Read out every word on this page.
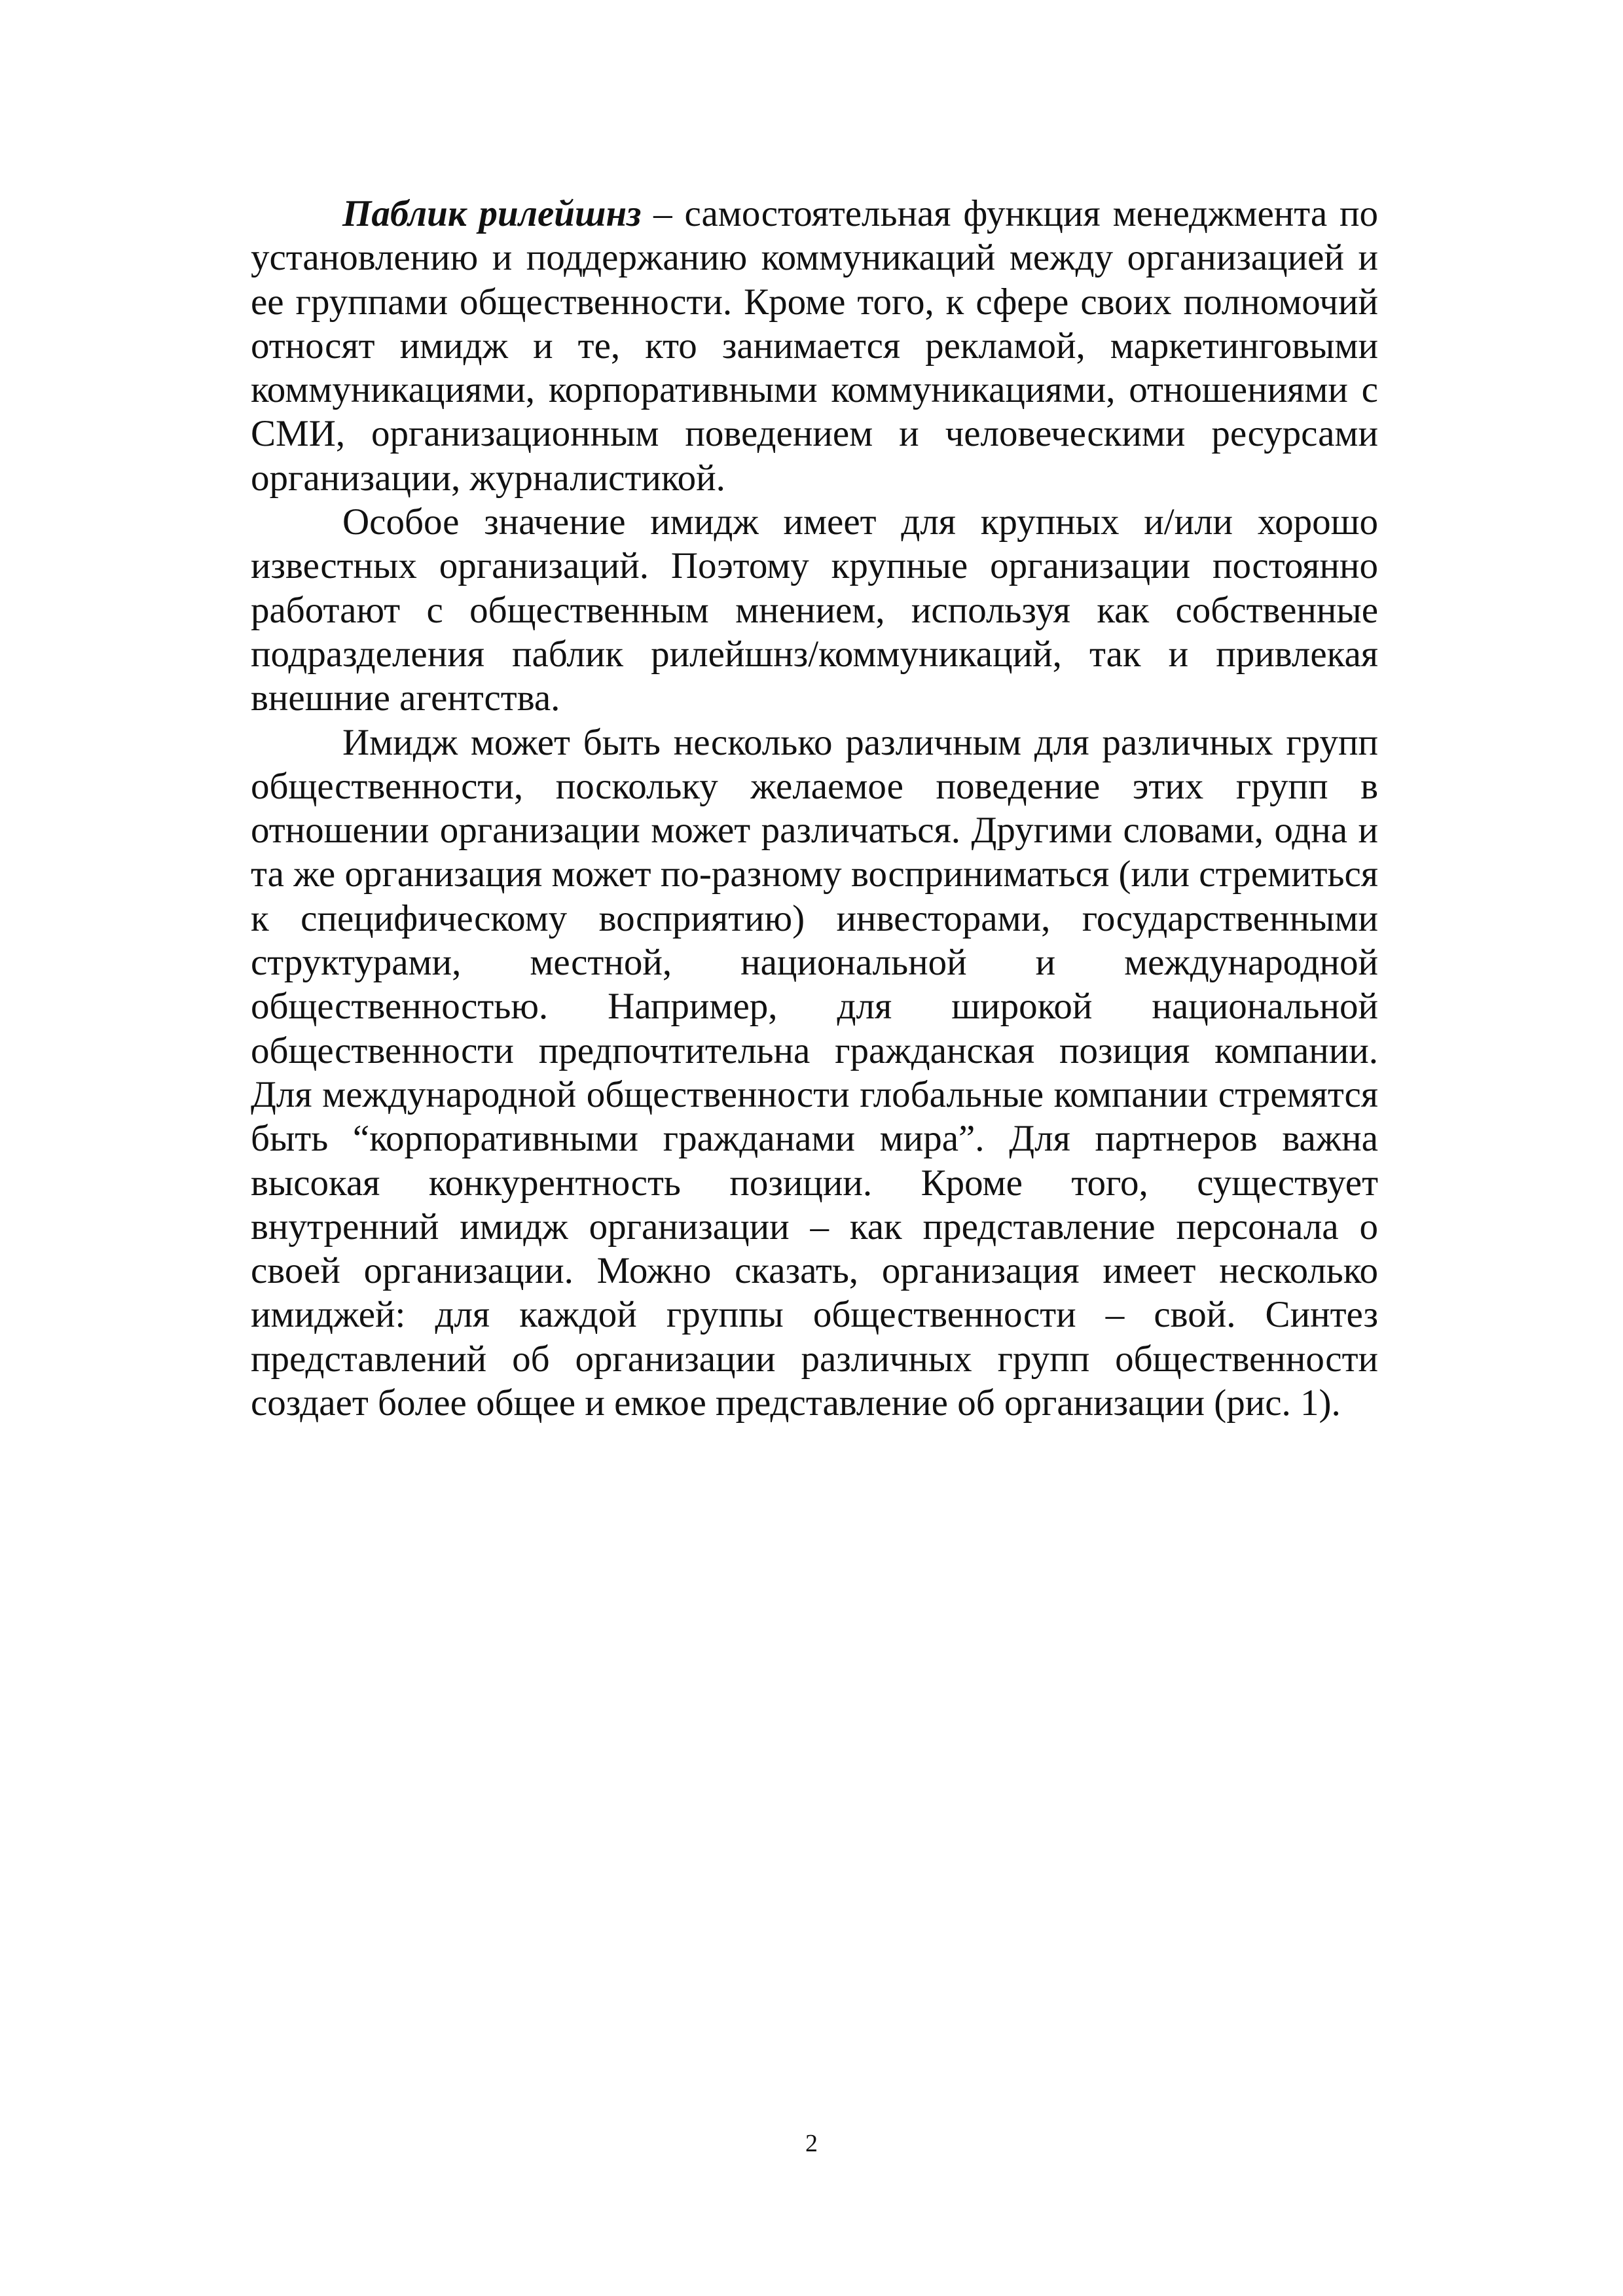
Паблик рилейшнз – самостоятельная функция менеджмента по установлению и поддержанию коммуникаций между организацией и ее группами общественности. Кроме того, к сфере своих полномочий относят имидж и те, кто занимается рекламой, маркетинговыми коммуникациями, корпоративными коммуникациями, отношениями с СМИ, организационным поведением и человеческими ресурсами организации, журналистикой.

Особое значение имидж имеет для крупных и/или хорошо известных организаций. Поэтому крупные организации постоянно работают с общественным мнением, используя как собственные подразделения паблик рилейшнз/коммуникаций, так и привлекая внешние агентства.

Имидж может быть несколько различным для различных групп общественности, поскольку желаемое поведение этих групп в отношении организации может различаться. Другими словами, одна и та же организация может по-разному восприниматься (или стремиться к специфическому восприятию) инвесторами, государственными структурами, местной, национальной и международной общественностью. Например, для широкой национальной общественности предпочтительна гражданская позиция компании. Для международной общественности глобальные компании стремятся быть “корпоративными гражданами мира”. Для партнеров важна высокая конкурентность позиции. Кроме того, существует внутренний имидж организации – как представление персонала о своей организации. Можно сказать, организация имеет несколько имиджей: для каждой группы общественности – свой. Синтез представлений об организации различных групп общественности создает более общее и емкое представление об организации (рис. 1).

2
